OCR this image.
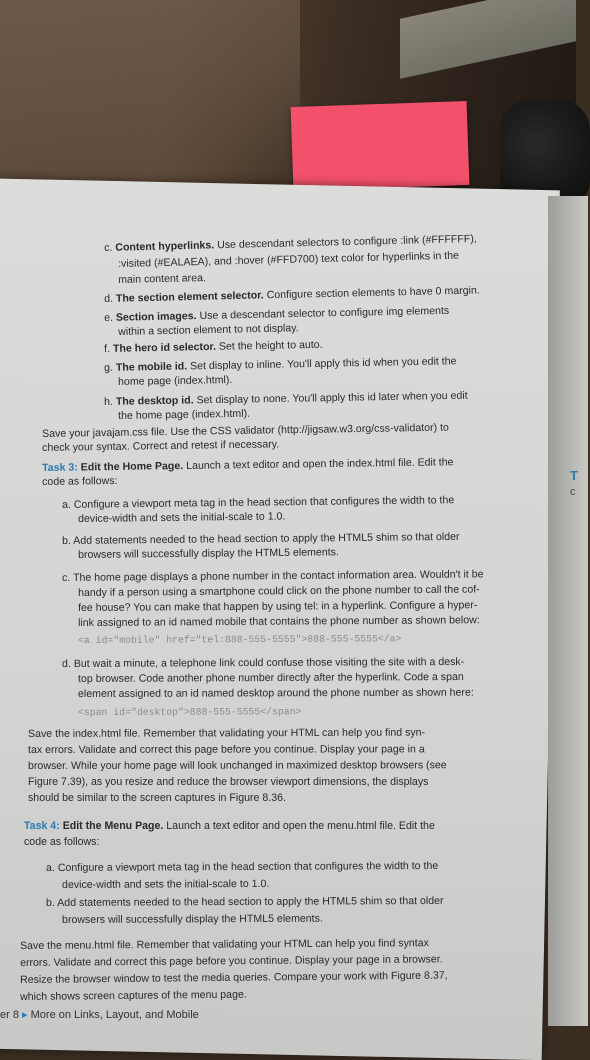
T
c
c. Content hyperlinks. Use descendant selectors to configure :link (#FFFFFF),
:visited (#EALAEA), and :hover (#FFD700) text color for hyperlinks in the
main content area.
d. The section element selector. Configure section elements to have 0 margin.
e. Section images. Use a descendant selector to configure img elements
within a section element to not display.
f. The hero id selector. Set the height to auto.
g. The mobile id. Set display to inline. You'll apply this id when you edit the
home page (index.html).
h. The desktop id. Set display to none. You'll apply this id later when you edit
the home page (index.html).
Save your javajam.css file. Use the CSS validator (http://jigsaw.w3.org/css-validator) to
check your syntax. Correct and retest if necessary.
Task 3: Edit the Home Page. Launch a text editor and open the index.html file. Edit the
code as follows:
a. Configure a viewport meta tag in the head section that configures the width to the
device-width and sets the initial-scale to 1.0.
b. Add statements needed to the head section to apply the HTML5 shim so that older
browsers will successfully display the HTML5 elements.
c. The home page displays a phone number in the contact information area. Wouldn't it be
handy if a person using a smartphone could click on the phone number to call the cof-
fee house? You can make that happen by using tel: in a hyperlink. Configure a hyper-
link assigned to an id named mobile that contains the phone number as shown below:
<a id="mobile" href="tel:888-555-5555">888-555-5555</a>
d. But wait a minute, a telephone link could confuse those visiting the site with a desk-
top browser. Code another phone number directly after the hyperlink. Code a span
element assigned to an id named desktop around the phone number as shown here:
<span id="desktop">888-555-5555</span>
Save the index.html file. Remember that validating your HTML can help you find syn-
tax errors. Validate and correct this page before you continue. Display your page in a
browser. While your home page will look unchanged in maximized desktop browsers (see
Figure 7.39), as you resize and reduce the browser viewport dimensions, the displays
should be similar to the screen captures in Figure 8.36.
Task 4: Edit the Menu Page. Launch a text editor and open the menu.html file. Edit the
code as follows:
a. Configure a viewport meta tag in the head section that configures the width to the
device-width and sets the initial-scale to 1.0.
b. Add statements needed to the head section to apply the HTML5 shim so that older
browsers will successfully display the HTML5 elements.
Save the menu.html file. Remember that validating your HTML can help you find syntax
errors. Validate and correct this page before you continue. Display your page in a browser.
Resize the browser window to test the media queries. Compare your work with Figure 8.37,
which shows screen captures of the menu page.
er 8 ▸ More on Links, Layout, and Mobile
